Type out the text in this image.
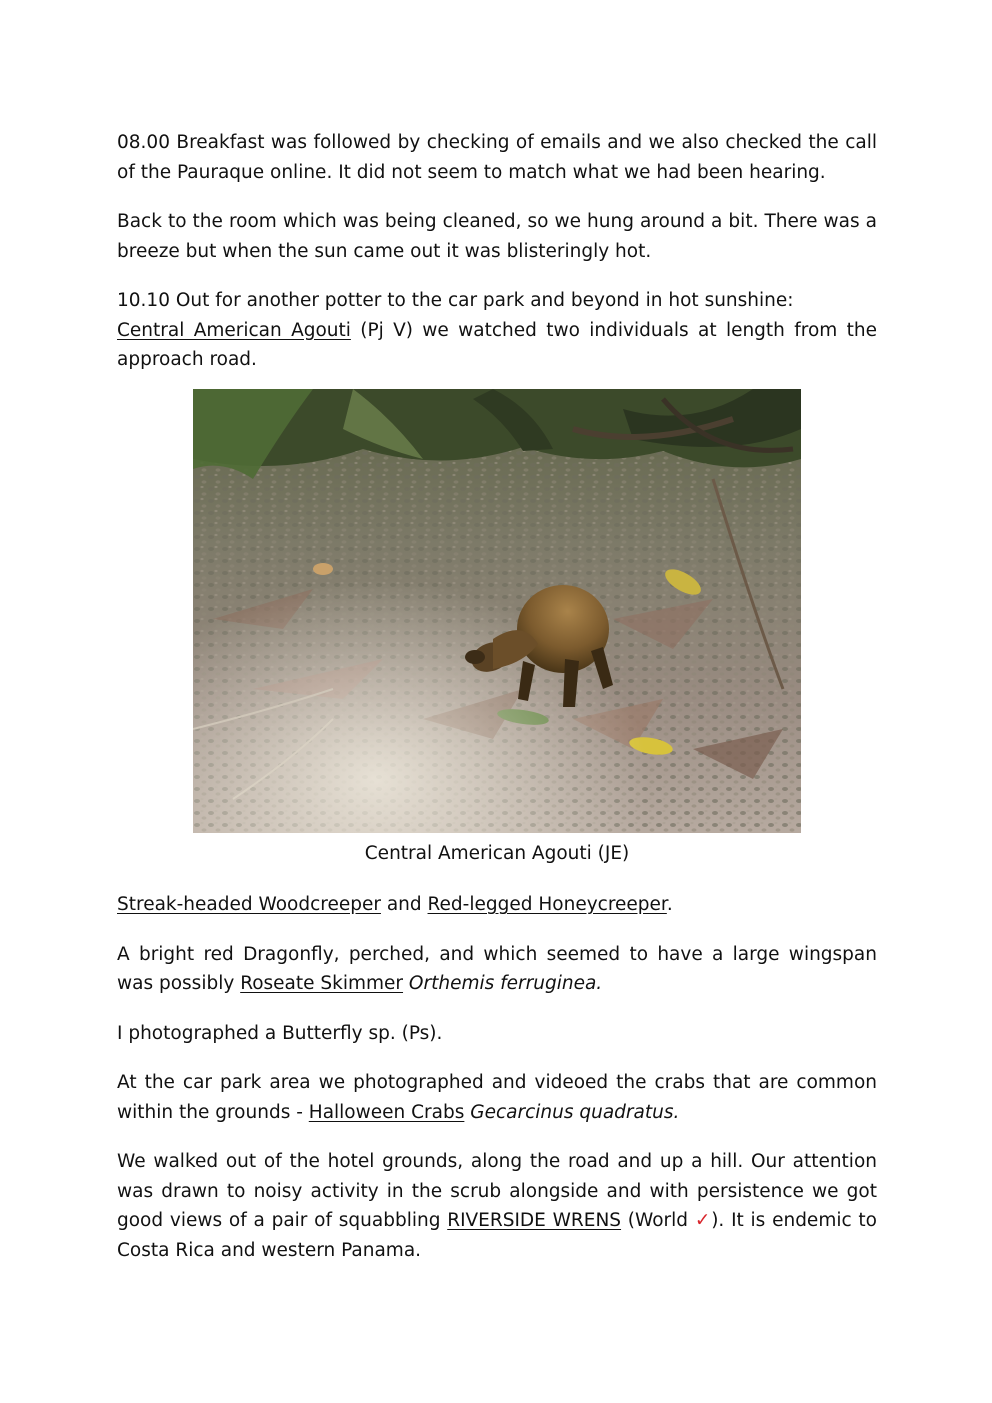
08.00 Breakfast was followed by checking of emails and we also checked the call of the Pauraque online. It did not seem to match what we had been hearing.

Back to the room which was being cleaned, so we hung around a bit. There was a breeze but when the sun came out it was blisteringly hot.

10.10 Out for another potter to the car park and beyond in hot sunshine:
Central American Agouti (Pj V) we watched two individuals at length from the approach road.

Central American Agouti (JE)

Streak-headed Woodcreeper and Red-legged Honeycreeper.

A bright red Dragonfly, perched, and which seemed to have a large wingspan was possibly Roseate Skimmer Orthemis ferruginea.

I photographed a Butterfly sp. (Ps).

At the car park area we photographed and videoed the crabs that are common within the grounds - Halloween Crabs Gecarcinus quadratus.

We walked out of the hotel grounds, along the road and up a hill. Our attention was drawn to noisy activity in the scrub alongside and with persistence we got good views of a pair of squabbling RIVERSIDE WRENS (World ✓). It is endemic to Costa Rica and western Panama.
